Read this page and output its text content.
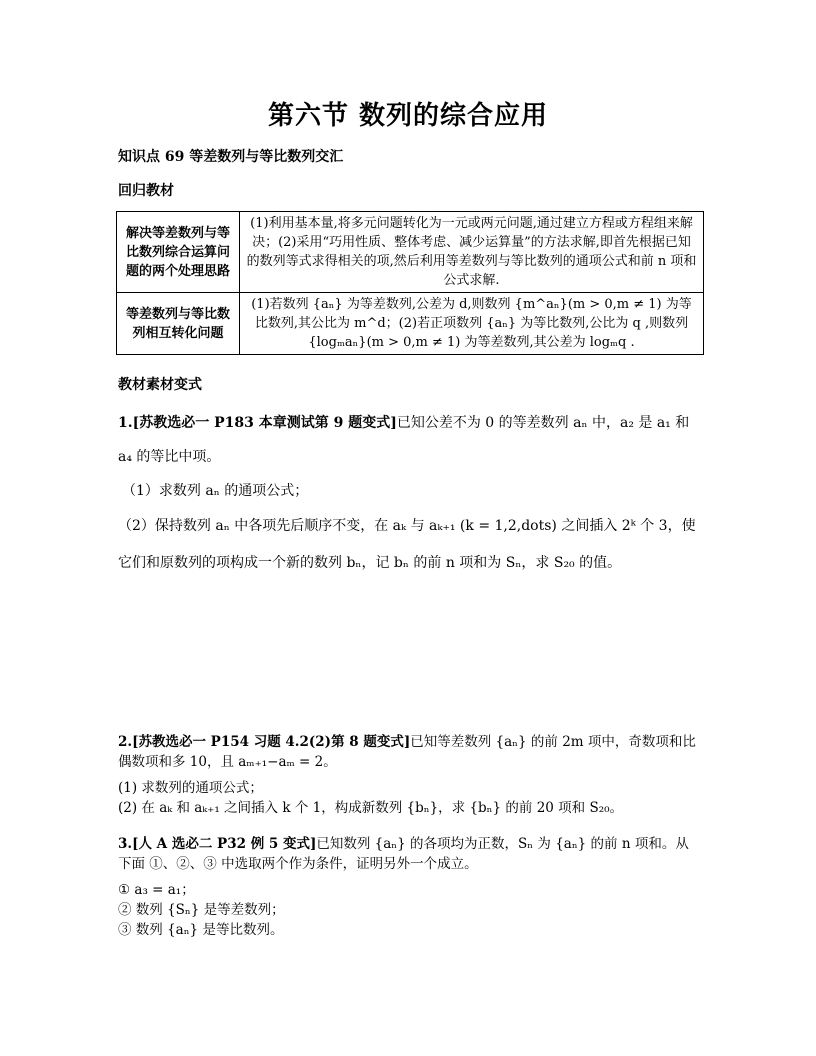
第六节 数列的综合应用
知识点 69 等差数列与等比数列交汇
回归教材
解决等差数列与等比数列综合运算问题的两个处理思路	(1)利用基本量,将多元问题转化为一元或两元问题,通过建立方程或方程组来解决；(2)采用“巧用性质、整体考虑、减少运算量”的方法求解,即首先根据已知的数列等式求得相关的项,然后利用等差数列与等比数列的通项公式和前 n 项和公式求解.
等差数列与等比数列相互转化问题	(1)若数列 {aₙ} 为等差数列,公差为 d,则数列 {m^aₙ}(m > 0,m ≠ 1) 为等比数列,其公比为 m^d；(2)若正项数列 {aₙ} 为等比数列,公比为 q ,则数列 {logₘaₙ}(m > 0,m ≠ 1) 为等差数列,其公差为 logₘq .
教材素材变式
1.[苏教选必一 P183 本章测试第 9 题变式]已知公差不为 0 的等差数列 aₙ 中，a₂ 是 a₁ 和 a₄ 的等比中项。
（1）求数列 aₙ 的通项公式；
（2）保持数列 aₙ 中各项先后顺序不变，在 aₖ 与 aₖ₊₁ (k = 1,2,dots) 之间插入 2ᵏ 个 3，使它们和原数列的项构成一个新的数列 bₙ，记 bₙ 的前 n 项和为 Sₙ，求 S₂₀ 的值。
2.[苏教选必一 P154 习题 4.2(2)第 8 题变式]已知等差数列 {aₙ} 的前 2m 项中，奇数项和比偶数项和多 10，且 aₘ₊₁−aₘ = 2。
(1) 求数列的通项公式；
(2) 在 aₖ 和 aₖ₊₁ 之间插入 k 个 1，构成新数列 {bₙ}，求 {bₙ} 的前 20 项和 S₂₀。
3.[人 A 选必二 P32 例 5 变式]已知数列 {aₙ} 的各项均为正数，Sₙ 为 {aₙ} 的前 n 项和。从下面 ①、②、③ 中选取两个作为条件，证明另外一个成立。
① a₃ = a₁；
② 数列 {Sₙ} 是等差数列；
③ 数列 {aₙ} 是等比数列。
